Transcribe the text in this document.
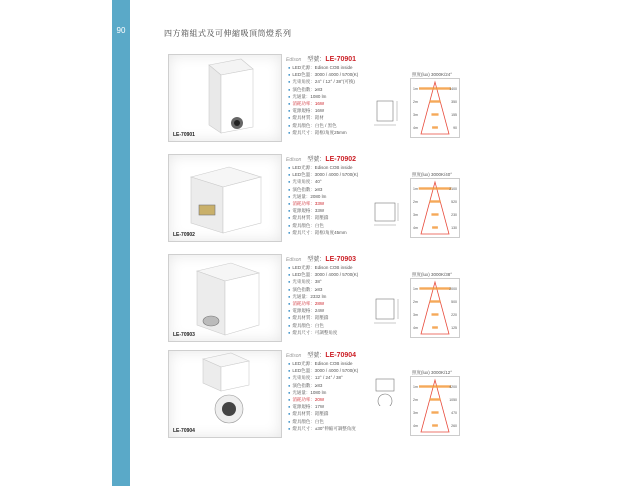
90	四方箱組式及可伸縮吸頂筒燈系列
LE-70901
Edison 型號：LE-70901
● LED光源：Edison COB inside
● LED色溫：3000 / 4000 / 5700(K)
● 光束角度：24° / 12° / 38°(可換)
● 演色指數：≥83
● 光通量：1080 lm
● 消耗功率：16W
● 電源規格：16W
● 燈具材質：鋁材
● 燈具顏色：白色 / 黑色
● 燈具尺寸：鋁框/角度25mm
照度(lux) 3000K/24°
1m	1400
2m	350
3m	155
4m	90
LE-70902
Edison 型號：LE-70902
● LED光源：Edison COB inside
● LED色溫：3000 / 4000 / 5700(K)
● 光束角度：40°
● 演色指數：≥83
● 光通量：2080 lm
● 消耗功率：33W
● 電源規格：33W
● 燈具材質：鋁壓鑄
● 燈具顏色：白色
● 燈具尺寸：鋁框/角度45mm
照度(lux) 3000K/40°
1m	2100
2m	520
3m	230
4m	130
LE-70903
Edison 型號：LE-70903
● LED光源：Edison COB inside
● LED色溫：3000 / 4000 / 5700(K)
● 光束角度：38°
● 演色指數：≥83
● 光通量：2332 lm
● 消耗功率：28W
● 電源規格：24W
● 燈具材質：鋁壓鑄
● 燈具顏色：白色
● 燈具尺寸：可調整角度
照度(lux) 3000K/38°
1m	2000
2m	500
3m	220
4m	125
LE-70904
Edison 型號：LE-70904
● LED光源：Edison COB inside
● LED色溫：3000 / 4000 / 5700(K)
● 光束角度：12° / 24° / 38°
● 演色指數：≥83
● 光通量：1080 lm
● 消耗功率：20W
● 電源規格：17W
● 燈具材質：鋁壓鑄
● 燈具顏色：白色
● 燈具尺寸：±30°伸縮可調整角度
照度(lux) 3000K/12°
1m	4200
2m	1050
3m	470
4m	260
